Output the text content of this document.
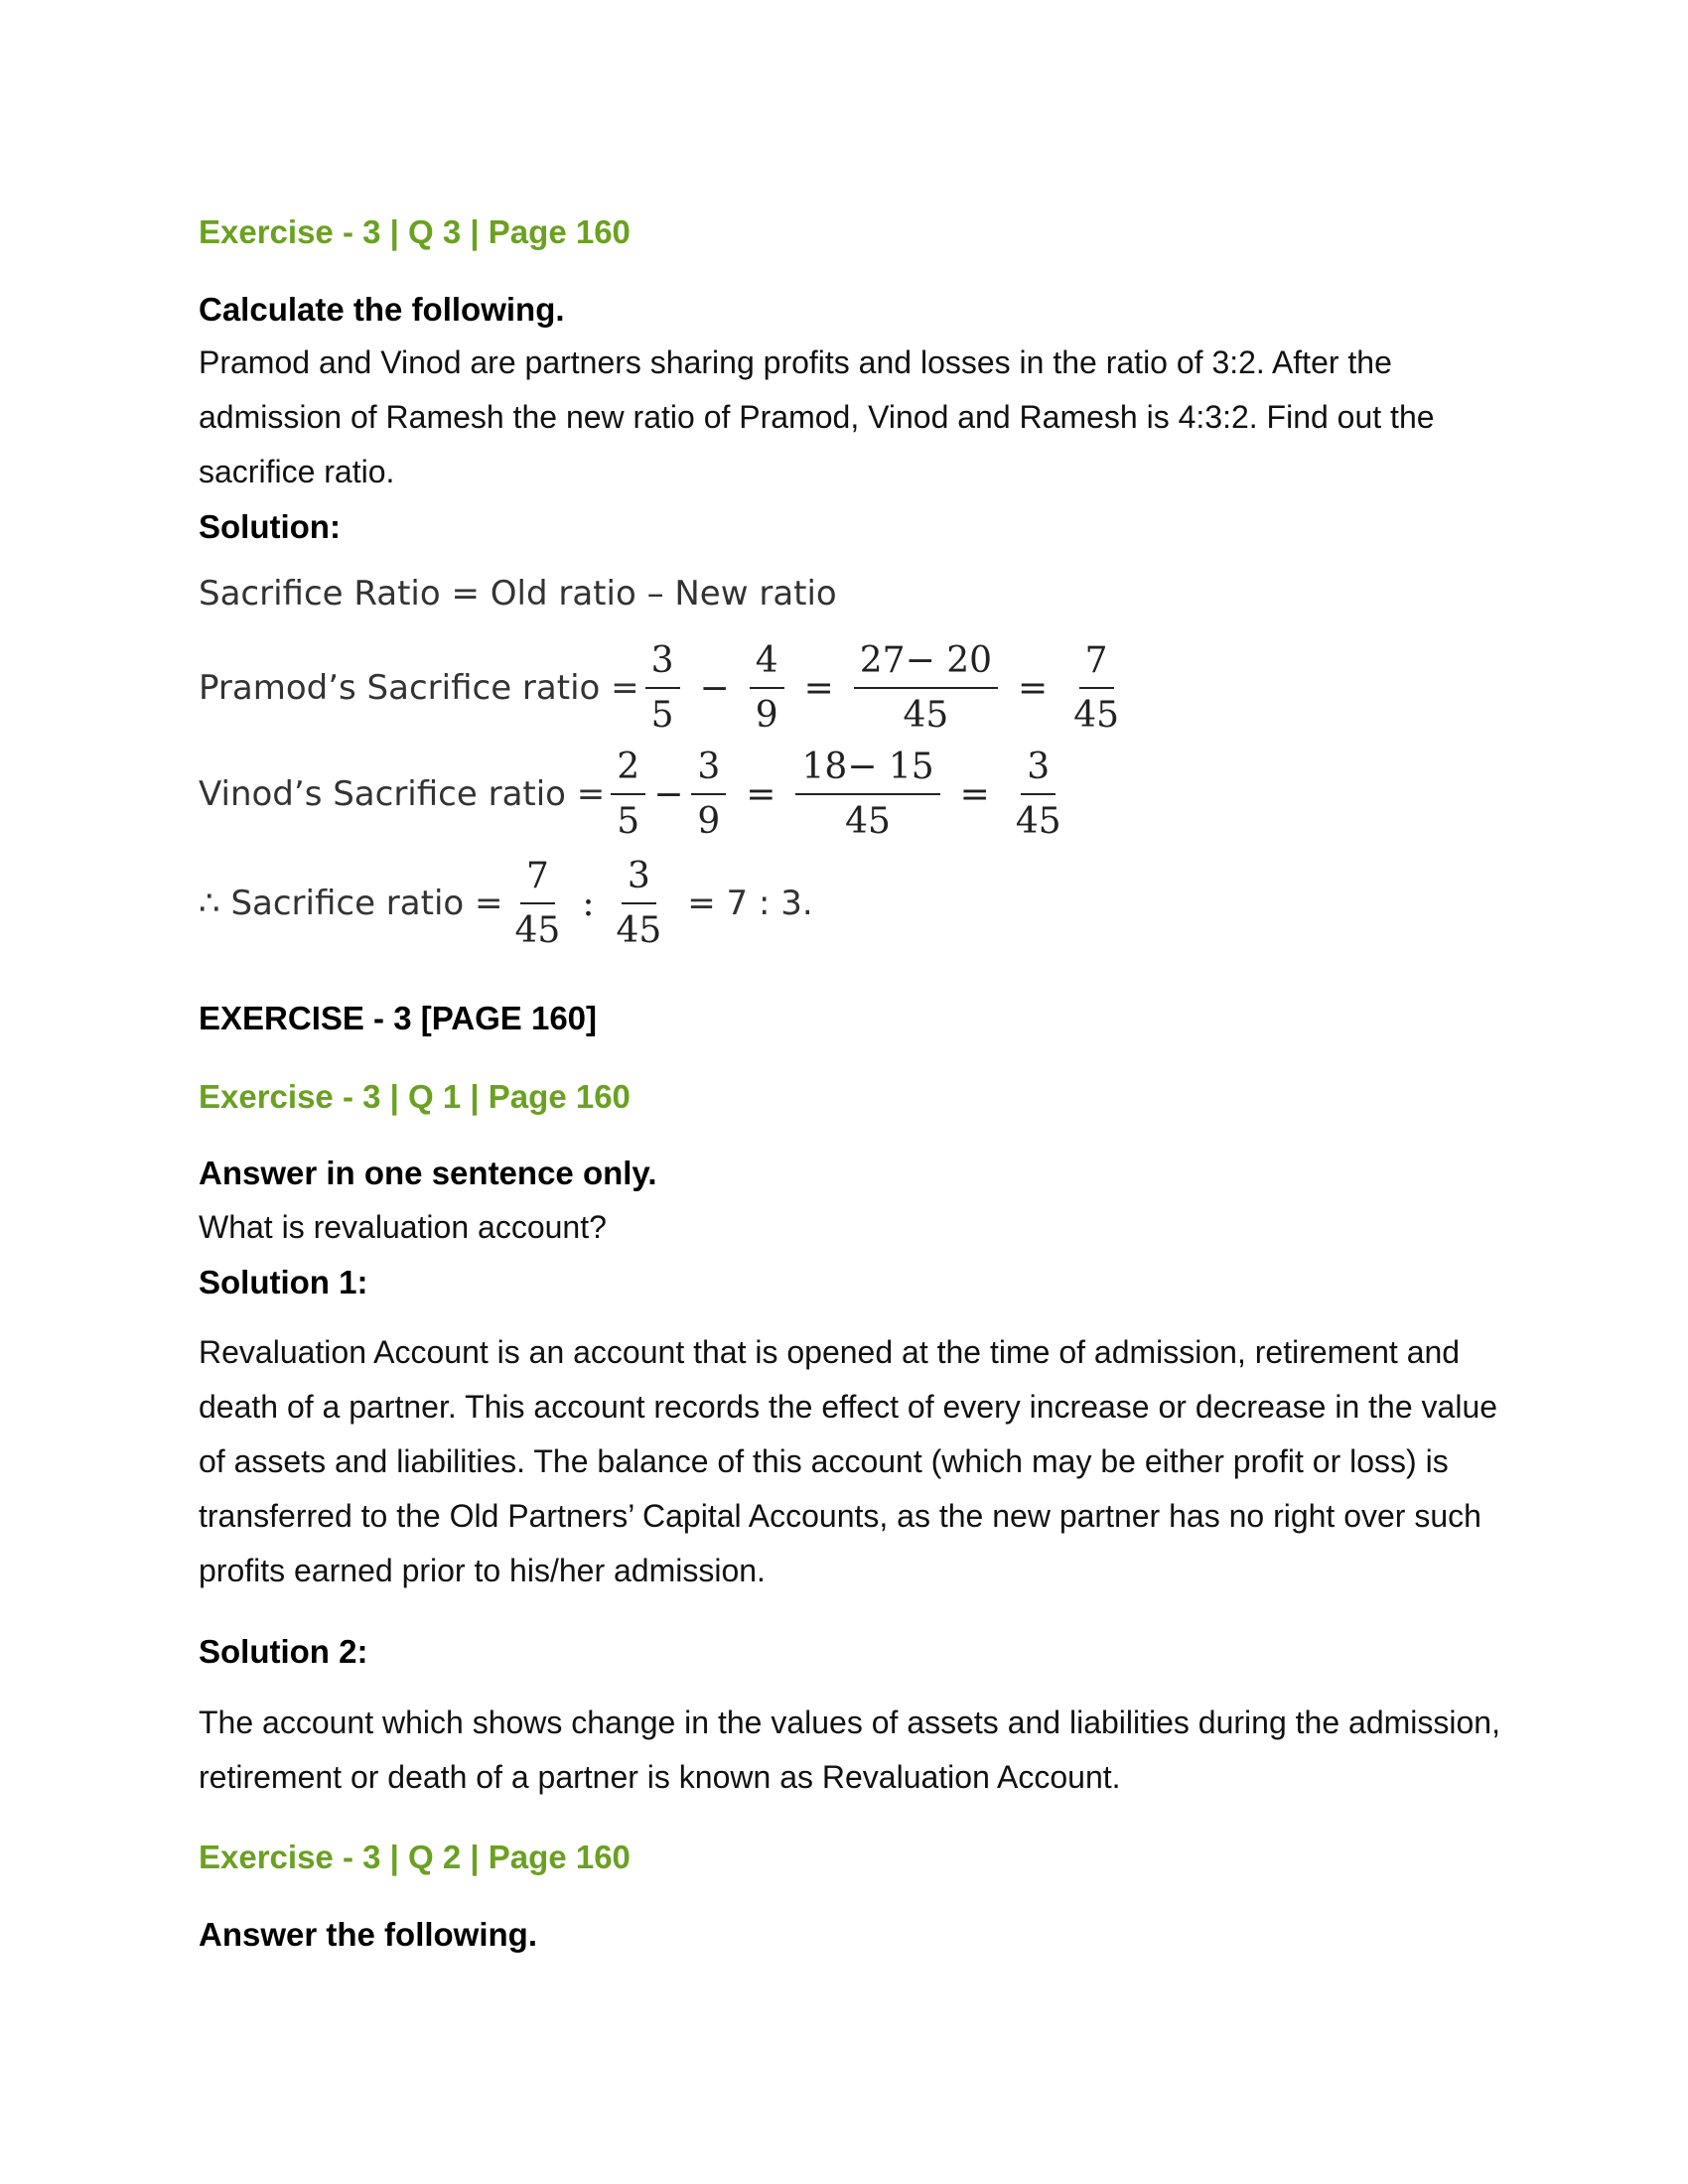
Exercise - 3 | Q 3 | Page 160
Calculate the following.
Pramod and Vinod are partners sharing profits and losses in the ratio of 3:2. After the admission of Ramesh the new ratio of Pramod, Vinod and Ramesh is 4:3:2. Find out the sacrifice ratio.
Solution:
Sacrifice Ratio = Old ratio – New ratio
Pramod’s Sacrifice ratio = $\frac{3}{5} - \frac{4}{9} = \frac{27- 20}{45} = \frac{7}{45}$
Vinod’s Sacrifice ratio = $\frac{2}{5} - \frac{3}{9} = \frac{18- 15}{45} = \frac{3}{45}$
∴ Sacrifice ratio = $\frac{7}{45}$ : $\frac{3}{45} = 7$ : 3.
EXERCISE - 3 [PAGE 160]
Exercise - 3 | Q 1 | Page 160
Answer in one sentence only.
What is revaluation account?
Solution 1:
Revaluation Account is an account that is opened at the time of admission, retirement and death of a partner. This account records the effect of every increase or decrease in the value of assets and liabilities. The balance of this account (which may be either profit or loss) is transferred to the Old Partners’ Capital Accounts, as the new partner has no right over such profits earned prior to his/her admission.
Solution 2:
The account which shows change in the values of assets and liabilities during the admission, retirement or death of a partner is known as Revaluation Account.
Exercise - 3 | Q 2 | Page 160
Answer the following.
